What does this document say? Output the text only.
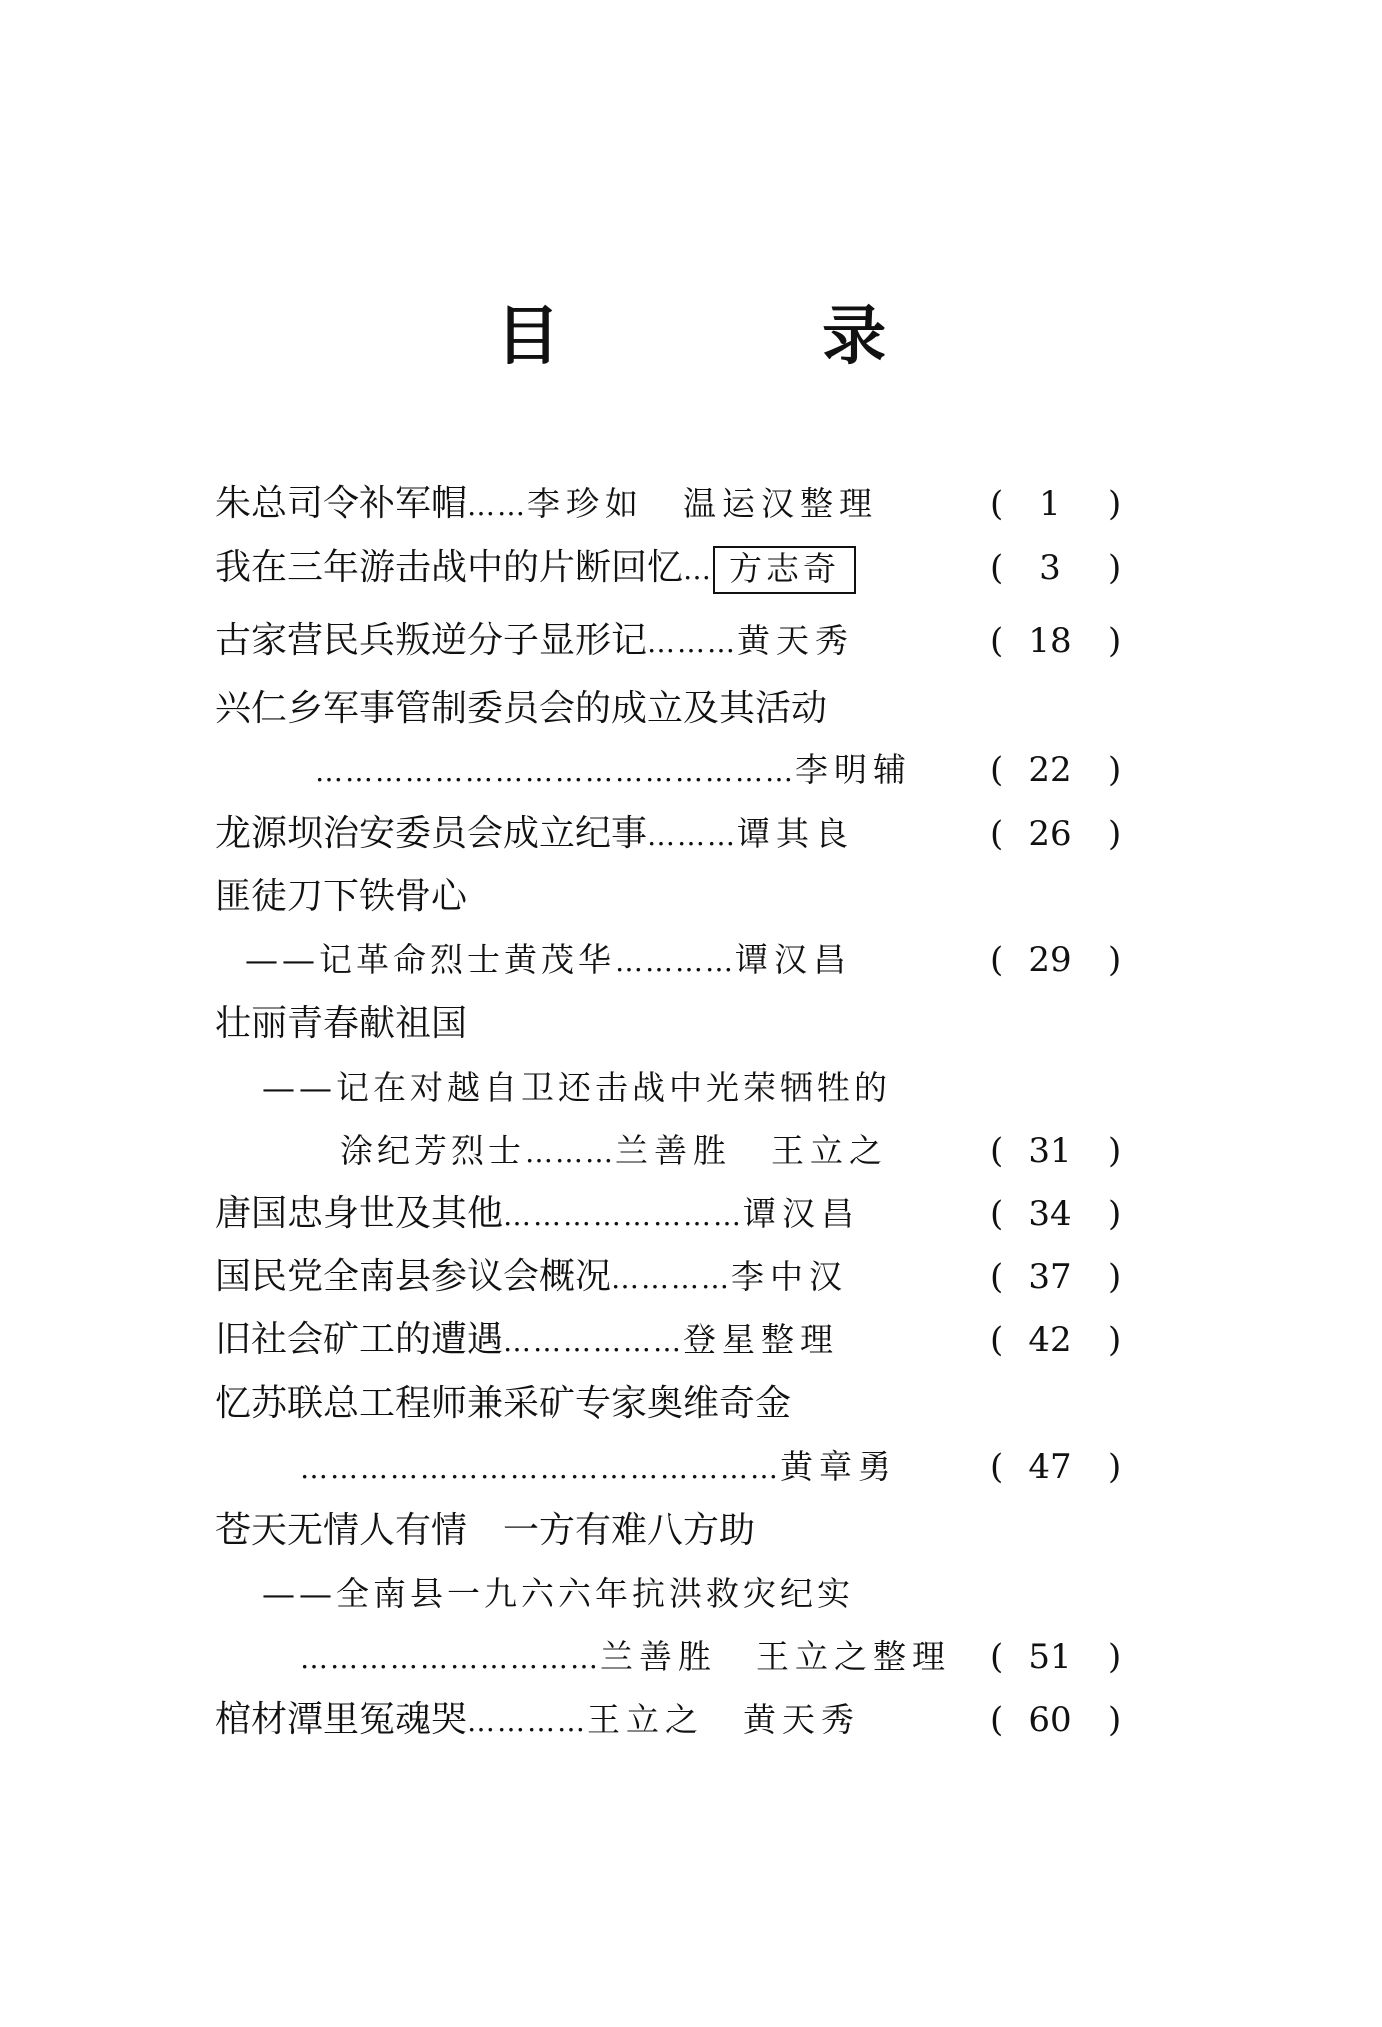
目 录
朱总司令补军帽……李珍如　温运汉整理	(	1	)
我在三年游击战中的片断回忆… 方志奇	(	3	)
古家营民兵叛逆分子显形记………黄天秀	( 18	)
兴仁乡军事管制委员会的成立及其活动
…………………………………………李明辅 ( 22	)
龙源坝治安委员会成立纪事………谭其良	( 26	)
匪徒刀下铁骨心
——记革命烈士黄茂华…………谭汉昌	( 29	)
壮丽青春献祖国
——记在对越自卫还击战中光荣牺牲的
涂纪芳烈士………兰善胜　王立之	( 31	)
唐国忠身世及其他……………………谭汉昌	( 34	)
国民党全南县参议会概况…………李中汉	( 37	)
旧社会矿工的遭遇………………登星整理	( 42	)
忆苏联总工程师兼采矿专家奥维奇金
…………………………………………黄章勇	( 47	)
苍天无情人有情　一方有难八方助
——全南县一九六六年抗洪救灾纪实
…………………………兰善胜　王立之整理 ( 51	)
棺材潭里冤魂哭…………王立之　黄天秀	( 60	)
